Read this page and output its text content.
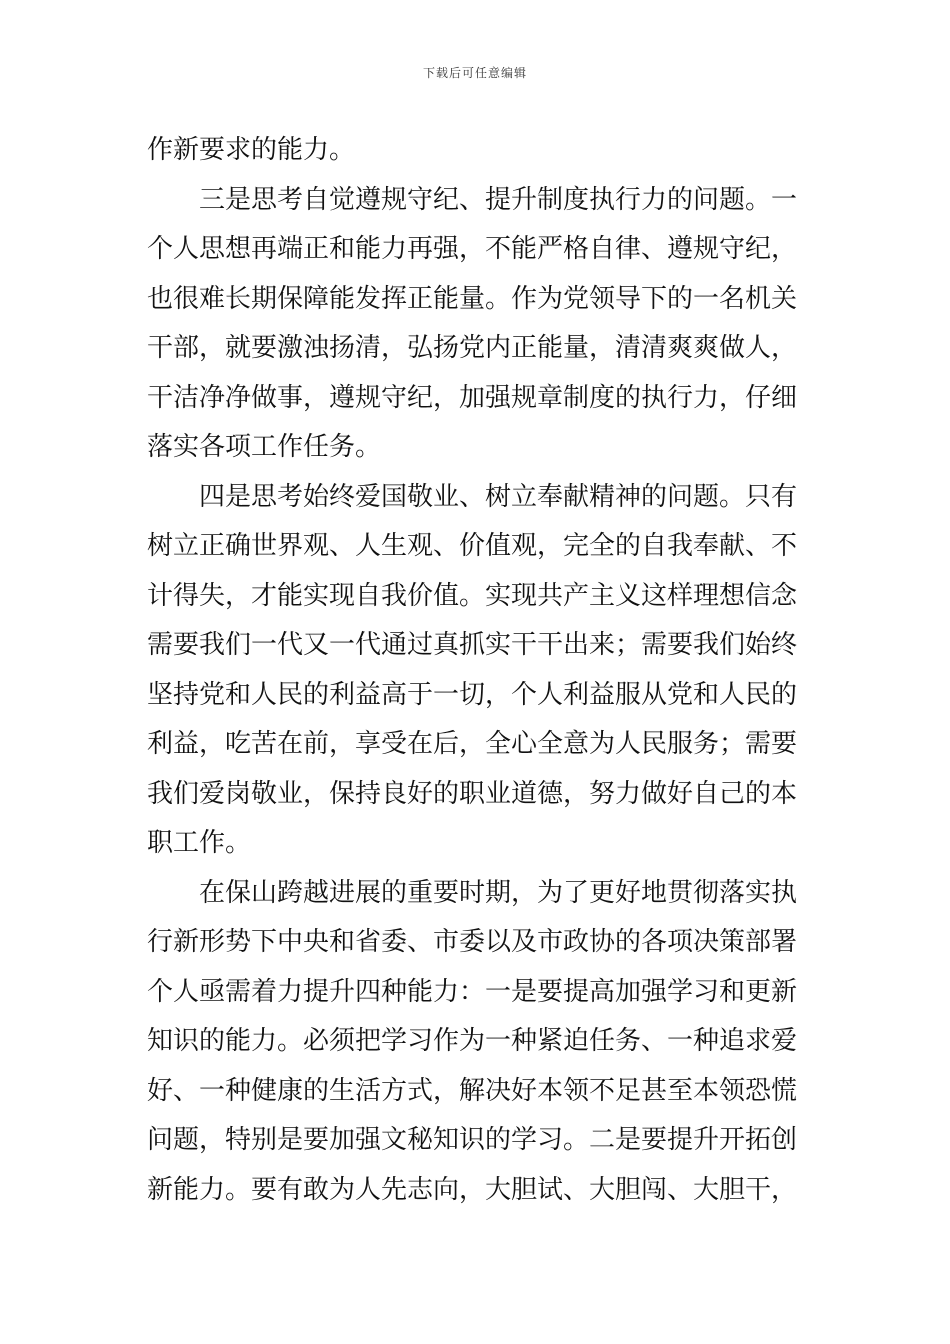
下载后可任意编辑
作新要求的能力。
三是思考自觉遵规守纪、提升制度执行力的问题。一
个人思想再端正和能力再强，不能严格自律、遵规守纪，
也很难长期保障能发挥正能量。作为党领导下的一名机关
干部，就要激浊扬清，弘扬党内正能量，清清爽爽做人，
干洁净净做事，遵规守纪，加强规章制度的执行力，仔细
落实各项工作任务。
四是思考始终爱国敬业、树立奉献精神的问题。只有
树立正确世界观、人生观、价值观，完全的自我奉献、不
计得失，才能实现自我价值。实现共产主义这样理想信念
需要我们一代又一代通过真抓实干干出来；需要我们始终
坚持党和人民的利益高于一切，个人利益服从党和人民的
利益，吃苦在前，享受在后，全心全意为人民服务；需要
我们爱岗敬业，保持良好的职业道德，努力做好自己的本
职工作。
在保山跨越进展的重要时期，为了更好地贯彻落实执
行新形势下中央和省委、市委以及市政协的各项决策部署
个人亟需着力提升四种能力：一是要提高加强学习和更新
知识的能力。必须把学习作为一种紧迫任务、一种追求爱
好、一种健康的生活方式，解决好本领不足甚至本领恐慌
问题，特别是要加强文秘知识的学习。二是要提升开拓创
新能力。要有敢为人先志向，大胆试、大胆闯、大胆干，
